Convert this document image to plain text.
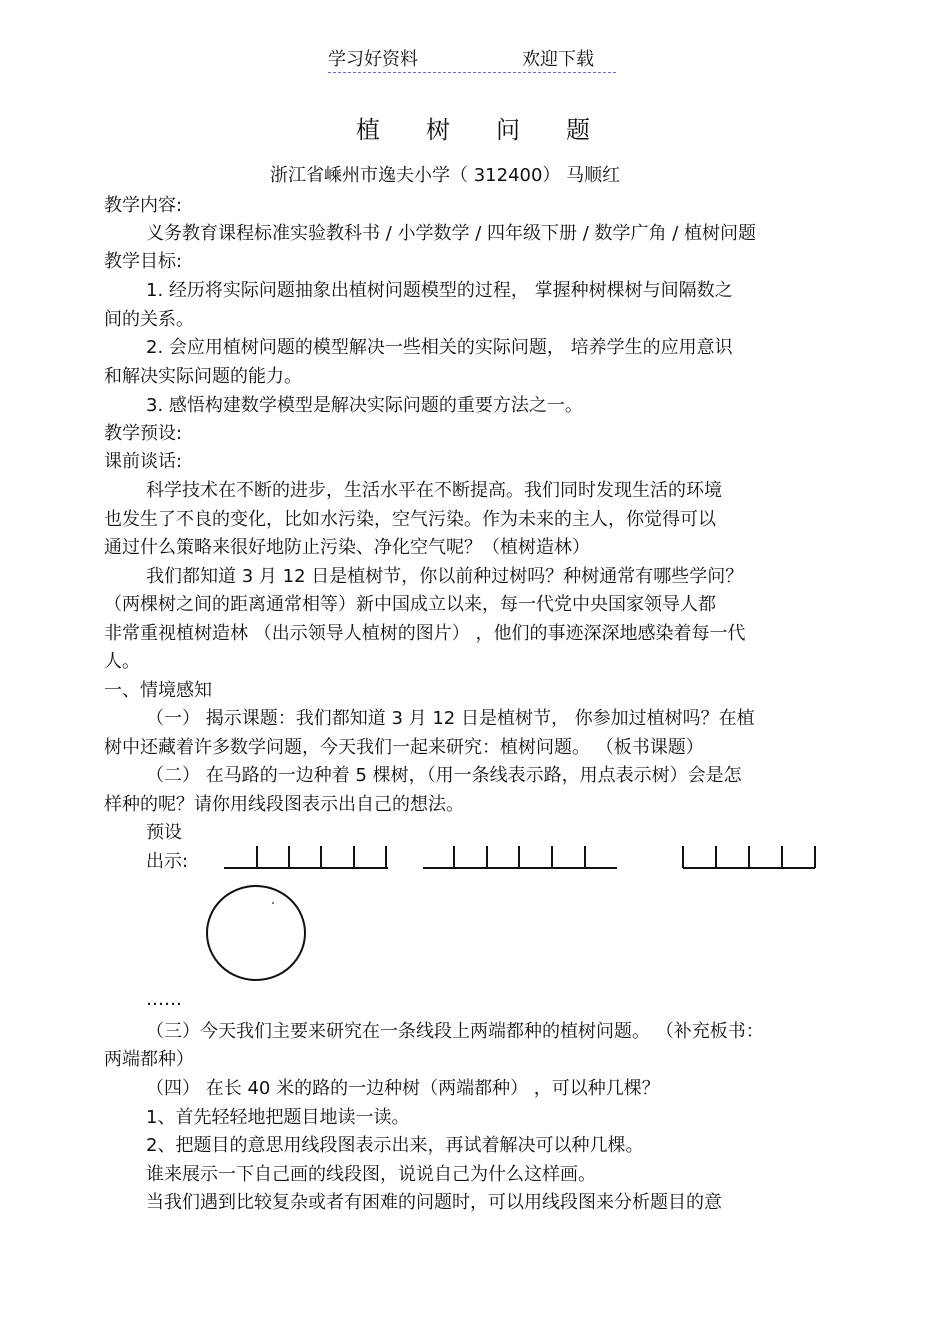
学习好资料	欢迎下载
植树问题
浙江省嵊州市逸夫小学（ 312400） 马顺红
教学内容:
义务教育课程标准实验教科书 / 小学数学 / 四年级下册 / 数学广角 / 植树问题
教学目标:
1. 经历将实际问题抽象出植树问题模型的过程， 掌握种树棵树与间隔数之
间的关系。
2. 会应用植树问题的模型解决一些相关的实际问题， 培养学生的应用意识
和解决实际问题的能力。
3. 感悟构建数学模型是解决实际问题的重要方法之一。
教学预设:
课前谈话:
科学技术在不断的进步，生活水平在不断提高。我们同时发现生活的环境
也发生了不良的变化，比如水污染，空气污染。作为未来的主人，你觉得可以
通过什么策略来很好地防止污染、净化空气呢？（植树造林）
我们都知道 3 月 12 日是植树节，你以前种过树吗？种树通常有哪些学问？
（两棵树之间的距离通常相等）新中国成立以来，每一代党中央国家领导人都
非常重视植树造林 （出示领导人植树的图片） ，他们的事迹深深地感染着每一代
人。
一、情境感知
（一） 揭示课题：我们都知道 3 月 12 日是植树节， 你参加过植树吗？在植
树中还藏着许多数学问题，今天我们一起来研究：植树问题。 （板书课题）
（二） 在马路的一边种着 5 棵树，（用一条线表示路，用点表示树）会是怎
样种的呢？请你用线段图表示出自己的想法。
预设
出示:
……
（三）今天我们主要来研究在一条线段上两端都种的植树问题。 （补充板书：
两端都种）
（四） 在长 40 米的路的一边种树（两端都种） ，可以种几棵？
1、首先轻轻地把题目地读一读。
2、把题目的意思用线段图表示出来，再试着解决可以种几棵。
谁来展示一下自己画的线段图，说说自己为什么这样画。
当我们遇到比较复杂或者有困难的问题时，可以用线段图来分析题目的意
